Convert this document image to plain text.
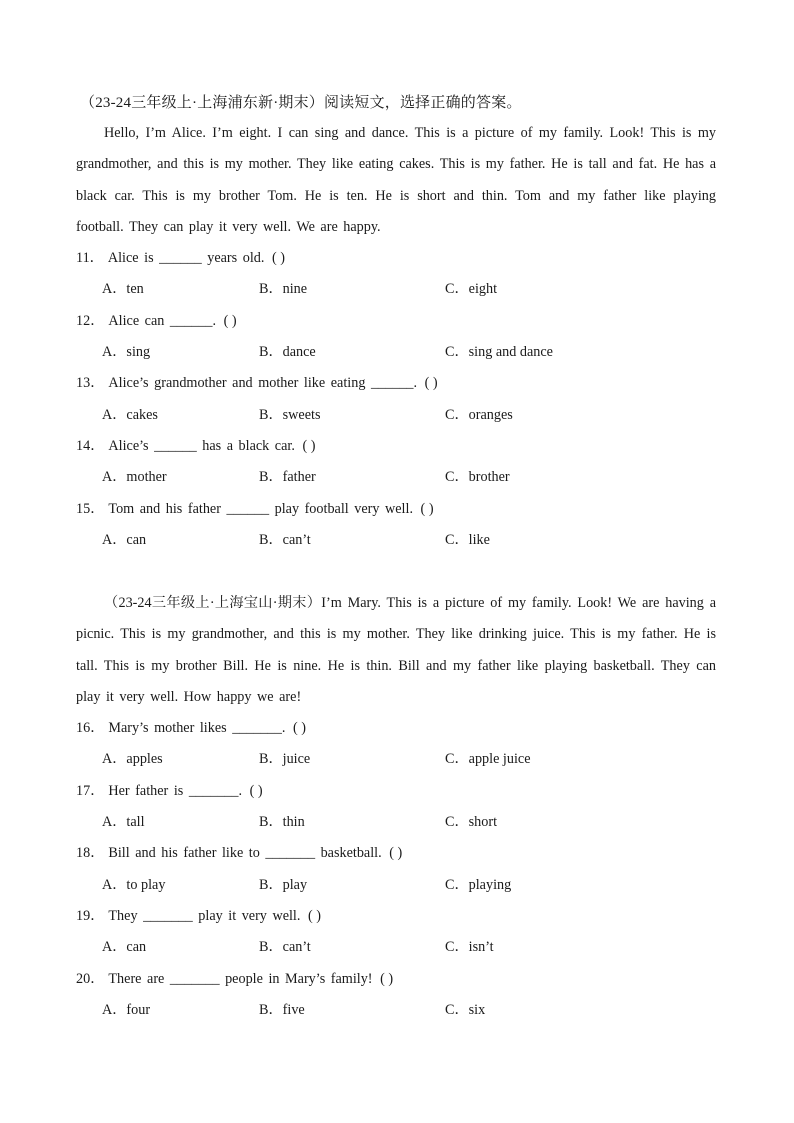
（23-24三年级上·上海浦东新·期末）阅读短文，选择正确的答案。

Hello, I’m Alice. I’m eight. I can sing and dance. This is a picture of my family. Look! This is my grandmother, and this is my mother. They like eating cakes. This is my father. He is tall and fat. He has a black car. This is my brother Tom. He is ten. He is short and thin. Tom and my father like playing football. They can play it very well. We are happy.

11． Alice is ______ years old. ( )
A．ten	B．nine	C．eight
12． Alice can ______. ( )
A．sing	B．dance	C．sing and dance
13． Alice’s grandmother and mother like eating ______. ( )
A．cakes	B．sweets	C．oranges
14． Alice’s ______ has a black car. ( )
A．mother	B．father	C．brother
15． Tom and his father ______ play football very well. ( )
A．can	B．can’t	C．like

（23-24三年级上·上海宝山·期末）I’m Mary. This is a picture of my family. Look! We are having a picnic. This is my grandmother, and this is my mother. They like drinking juice. This is my father. He is tall. This is my brother Bill. He is nine. He is thin. Bill and my father like playing basketball. They can play it very well. How happy we are!

16． Mary’s mother likes _______. ( )
A．apples	B．juice	C．apple juice
17． Her father is _______. ( )
A．tall	B．thin	C．short
18． Bill and his father like to _______ basketball. ( )
A．to play	B．play	C．playing
19． They _______ play it very well. ( )
A．can	B．can’t	C．isn’t
20． There are _______ people in Mary’s family! ( )
A．four	B．five	C．six
